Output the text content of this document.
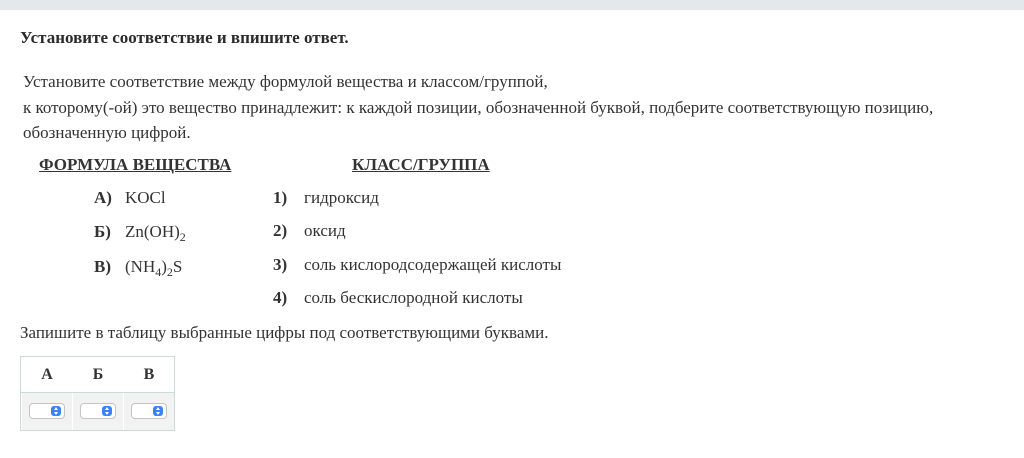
Установите соответствие и впишите ответ.

Установите соответствие между формулой вещества и классом/группой,

к которому(-ой) это вещество принадлежит: к каждой позиции, обозначенной буквой, подберите соответствующую позицию,

обозначенную цифрой.

ФОРМУЛА ВЕЩЕСТВА	КЛАСС/ГРУППА
А) KOCl
Б) $Zn(OH)_2$
В) $(NH_4)_2S$
1) гидроксид
2) оксид
3) соль кислородсодержащей кислоты
4) соль бескислородной кислоты
Запишите в таблицу выбранные цифры под соответствующими буквами.
А	Б	В
